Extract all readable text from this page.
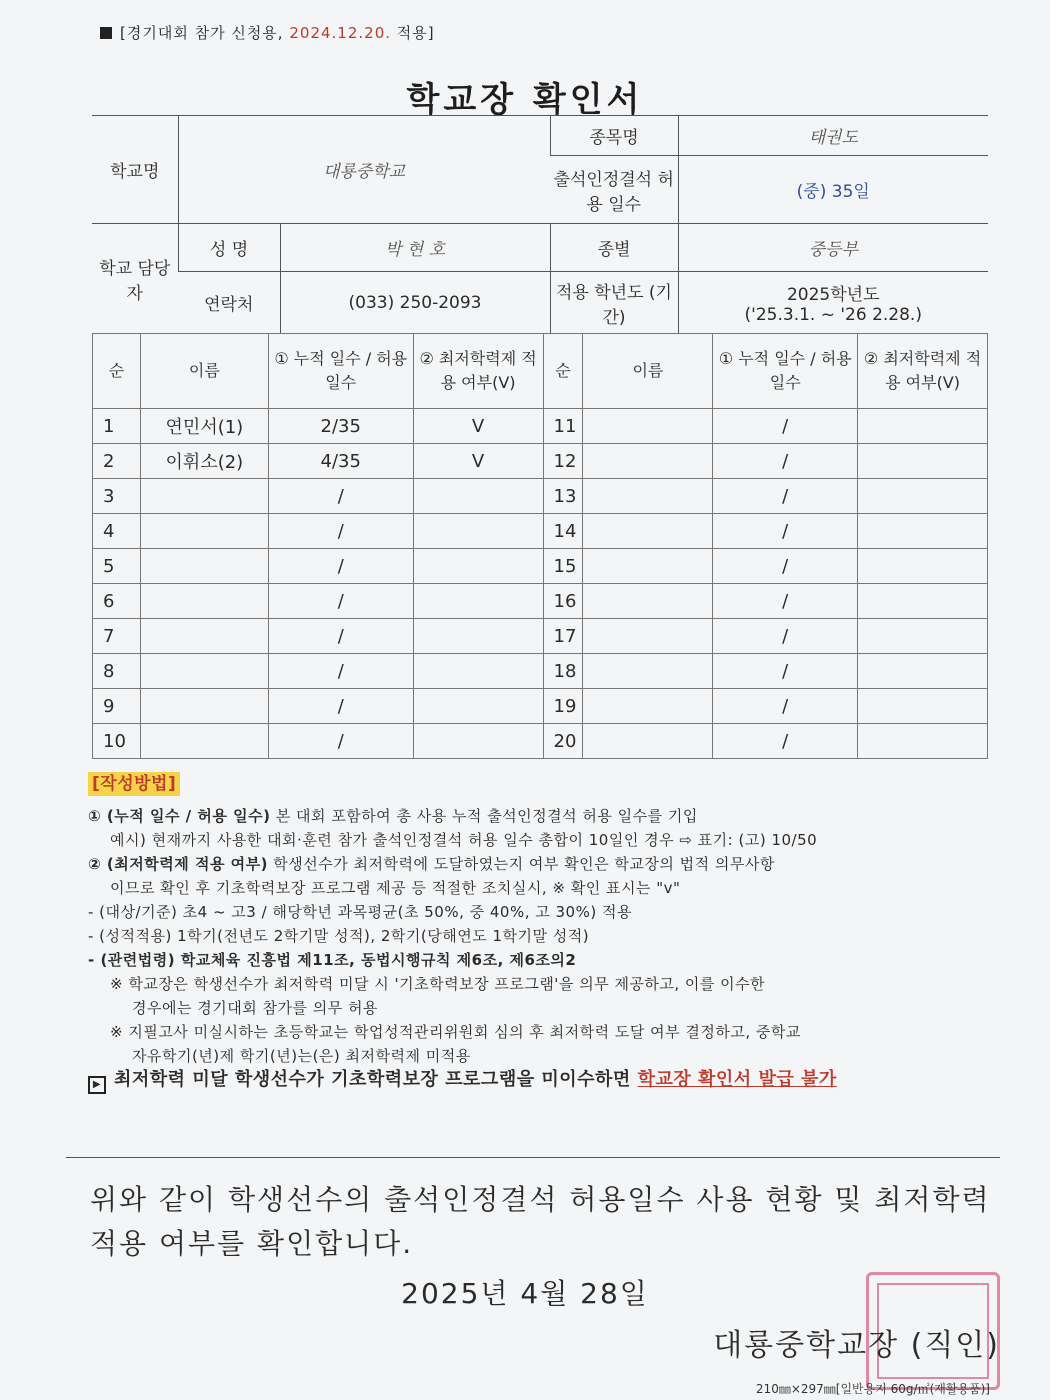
[경기대회 참가 신청용, 2024.12.20. 적용]
학교장 확인서
학교명	대룡중학교		종목명	태권도
			출석인정결석 허용 일수	(중) 35일
학교 담당자	성 명	박 현 호	종별	중등부
	연락처	(033) 250-2093	적용 학년도 (기간)	2025학년도
('25.3.1. ~ '26 2.28.)
순	이름	① 누적 일수 / 허용 일수	② 최저학력제 적용 여부(V)	순	이름	① 누적 일수 / 허용 일수	② 최저학력제 적용 여부(V)
1	연민서(1)	2/35	V	11		/	
2	이휘소(2)	4/35	V	12		/	
3		/		13		/	
4		/		14		/	
5		/		15		/	
6		/		16		/	
7		/		17		/	
8		/		18		/	
9		/		19		/	
10		/		20		/	
[작성방법]

① (누적 일수 / 허용 일수) 본 대회 포함하여 총 사용 누적 출석인정결석 허용 일수를 기입

예시) 현재까지 사용한 대회·훈련 참가 출석인정결석 허용 일수 총합이 10일인 경우 ⇨ 표기: (고) 10/50

② (최저학력제 적용 여부) 학생선수가 최저학력에 도달하였는지 여부 확인은 학교장의 법적 의무사항

이므로 확인 후 기초학력보장 프로그램 제공 등 적절한 조치실시, ※ 확인 표시는 "v"

- (대상/기준) 초4 ~ 고3 / 해당학년 과목평균(초 50%, 중 40%, 고 30%) 적용

- (성적적용) 1학기(전년도 2학기말 성적), 2학기(당해연도 1학기말 성적)

- (관련법령) 학교체육 진흥법 제11조, 동법시행규칙 제6조, 제6조의2

※ 학교장은 학생선수가 최저학력 미달 시 '기초학력보장 프로그램'을 의무 제공하고, 이를 이수한

경우에는 경기대회 참가를 의무 허용

※ 지필고사 미실시하는 초등학교는 학업성적관리위원회 심의 후 최저학력 도달 여부 결정하고, 중학교

자유학기(년)제 학기(년)는(은) 최저학력제 미적용

▶ 최저학력 미달 학생선수가 기초학력보장 프로그램을 미이수하면 학교장 확인서 발급 불가

위와 같이 학생선수의 출석인정결석 허용일수 사용 현황 및 최저학력 적용 여부를 확인합니다.
2025년 4월 28일
대룡중학교장 (직인)
210㎜×297㎜[일반용지 60g/㎡(재활용품)]
